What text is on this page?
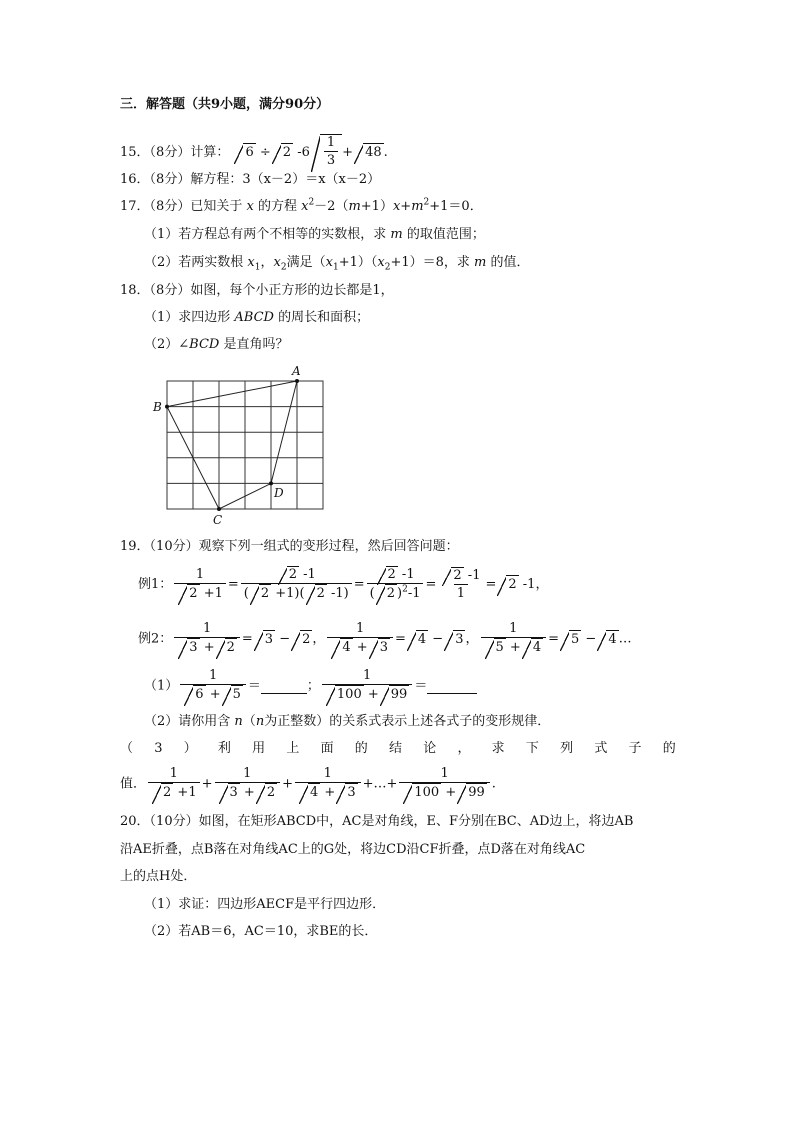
三．解答题（共9小题，满分90分）
15．（8分）计算： 6 ÷ 2 $-6 \frac{1}{3} + 48$ .
16．（8分）解方程：3（x－2）＝x（x－2）
17．（8分）已知关于 x 的方程 $x^2-2(m+1)x+m^2+1=0$．
（1）若方程总有两个不相等的实数根，求 m 的取值范围；
（2）若两实数根 $x_1$，$x_2$满足$(x_1+1)(x_2+1)=8$，求 m 的值．
18．（8分）如图，每个小正方形的边长都是1，
（1）求四边形 ABCD 的周长和面积；
（2）∠BCD 是直角吗？
A
B
C
D
19．（10分）观察下列一组式的变形过程，然后回答问题：
例1： $\frac{1}{2 +1} = \frac{2 -1}{( 2 +1)( 2 -1)} = \frac{2 -1}{( 2 )^2-1} = \frac{2 -1}{1} = 2$ -1，
例2： $\frac{1}{3 + 2} = 3 - 2$ ， $\frac{1}{4 + 3} = 4 - 3$ ， $\frac{1}{5 + 4} = 5 - 4$ …
$(1) \frac{1}{6 + 5}$ ＝	； $\frac{1}{100 + 99}$ ＝
（2）请你用含 n（n为正整数）的关系式表示上述各式子的变形规律．
（ 3 ） 利 用 上 面 的 结 论 ， 求 下 列 式 子 的
值． $\frac{1}{2 +1} + \frac{1}{3 + 2} + \frac{1}{4 + 3}$ +…+ $\frac{1}{100 + 99}$ .
20．（10分）如图，在矩形ABCD中，AC是对角线，E、F分别在BC、AD边上，将边AB
沿AE折叠，点B落在对角线AC上的G处，将边CD沿CF折叠，点D落在对角线AC
上的点H处．
（1）求证：四边形AECF是平行四边形．
（2）若AB＝6，AC＝10，求BE的长．
